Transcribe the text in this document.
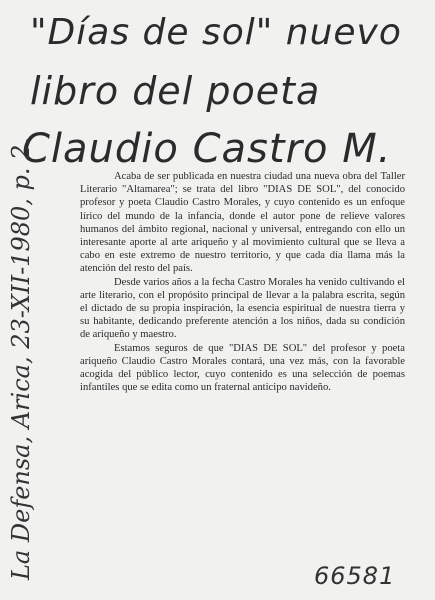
"Días de sol" nuevo
libro del poeta
Claudio Castro M.
La Defensa, Arica, 23-XII-1980, p. 2.	Acaba de ser publicada en nuestra ciudad una nueva obra del Taller Literario "Altamarea"; se trata del libro "DIAS DE SOL", del conocido profesor y poeta Claudio Castro Morales, y cuyo contenido es un enfoque lírico del mundo de la infancia, donde el autor pone de relieve valores humanos del ámbito regional, nacional y universal, entregando con ello un interesante aporte al arte ariqueño y al movimiento cultural que se lleva a cabo en este extremo de nuestro territorio, y que cada día llama más la atención del resto del país.

Desde varios años a la fecha Castro Morales ha venido cultivando el arte literario, con el propósito principal de llevar a la palabra escrita, según el dictado de su propia inspiración, la esencia espiritual de nuestra tierra y su habitante, dedicando preferente atención a los niños, dada su condición de ariqueño y maestro.

Estamos seguros de que "DIAS DE SOL" del profesor y poeta ariqueño Claudio Castro Morales contará, una vez más, con la favorable acogida del público lector, cuyo contenido es una selección de poemas infantiles que se edita como un fraternal anticipo navideño.

66581
